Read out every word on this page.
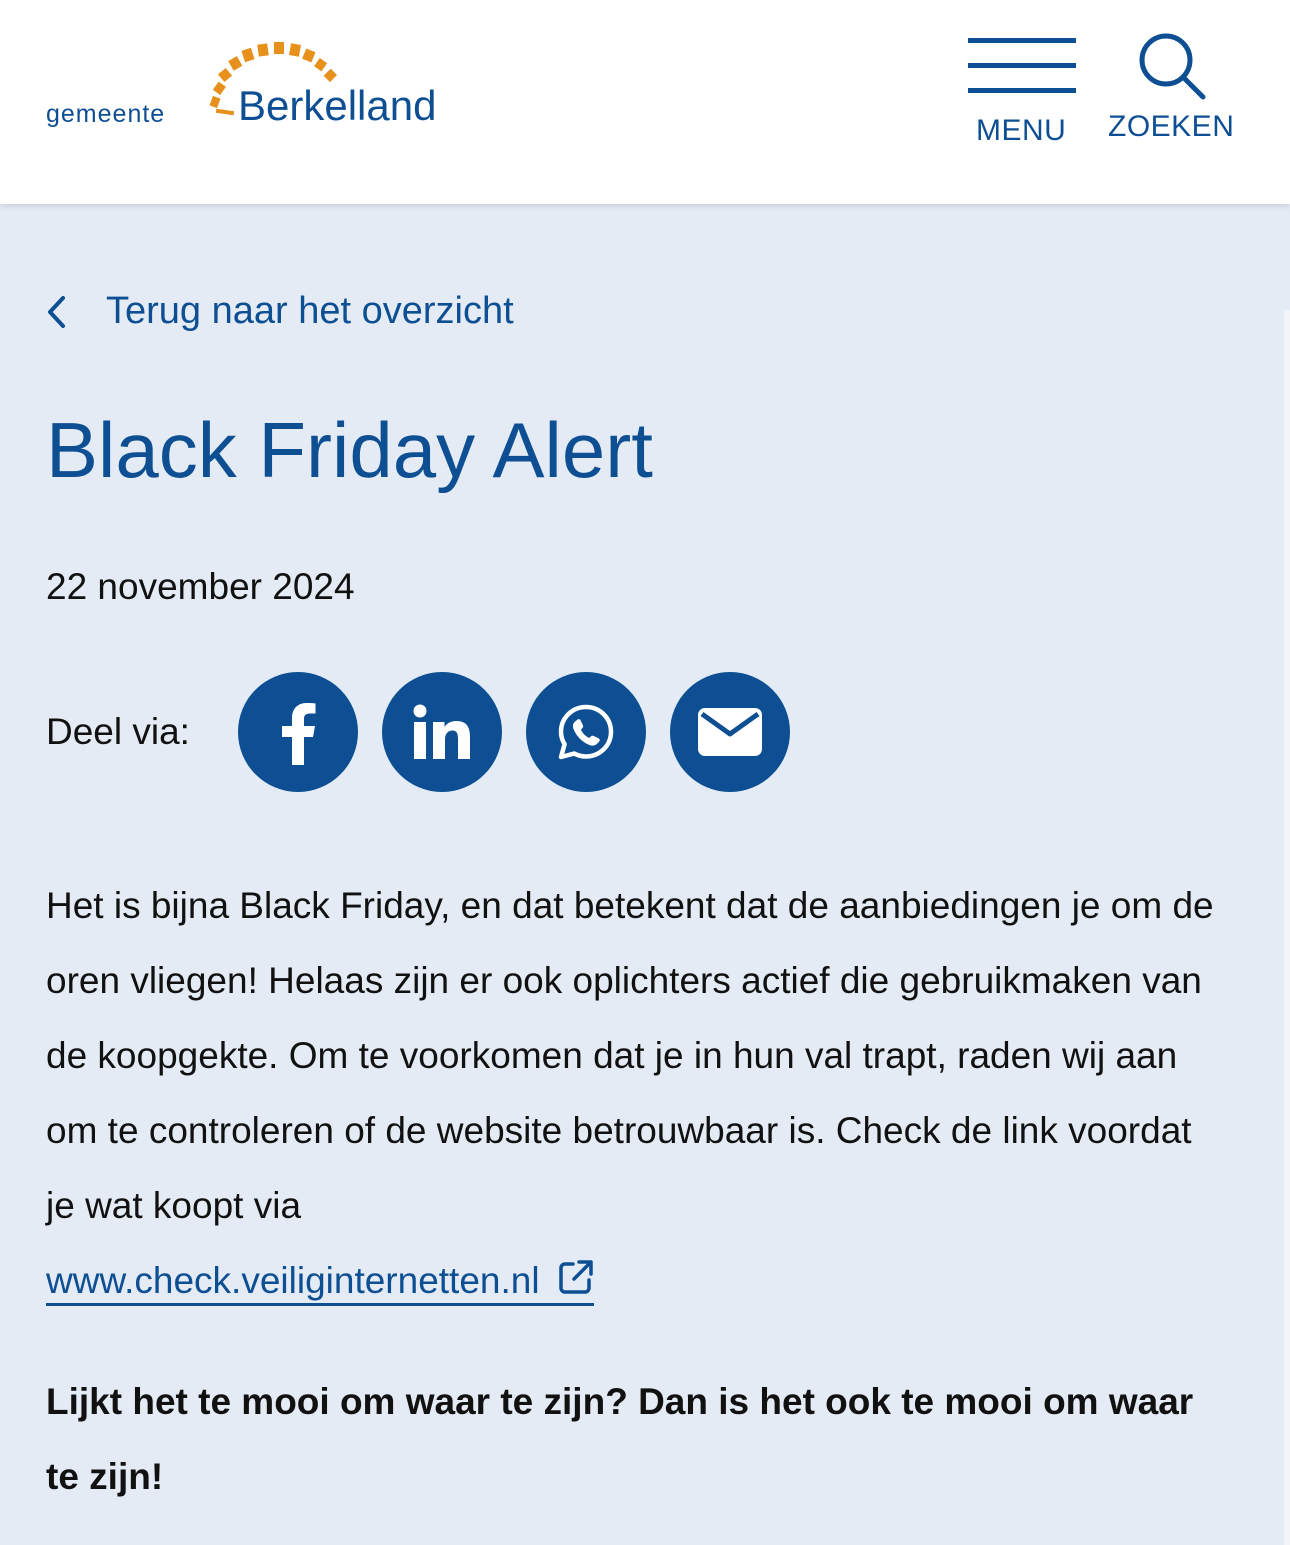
gemeente Berkelland
MENU ZOEKEN
Terug naar het overzicht
Black Friday Alert
22 november 2024
Deel via:
Het is bijna Black Friday, en dat betekent dat de aanbiedingen je om de oren vliegen! Helaas zijn er ook oplichters actief die gebruikmaken van de koopgekte. Om te voorkomen dat je in hun val trapt, raden wij aan om te controleren of de website betrouwbaar is. Check de link voordat je wat koopt via
www.check.veiliginternetten.nl

Lijkt het te mooi om waar te zijn? Dan is het ook te mooi om waar te zijn!
